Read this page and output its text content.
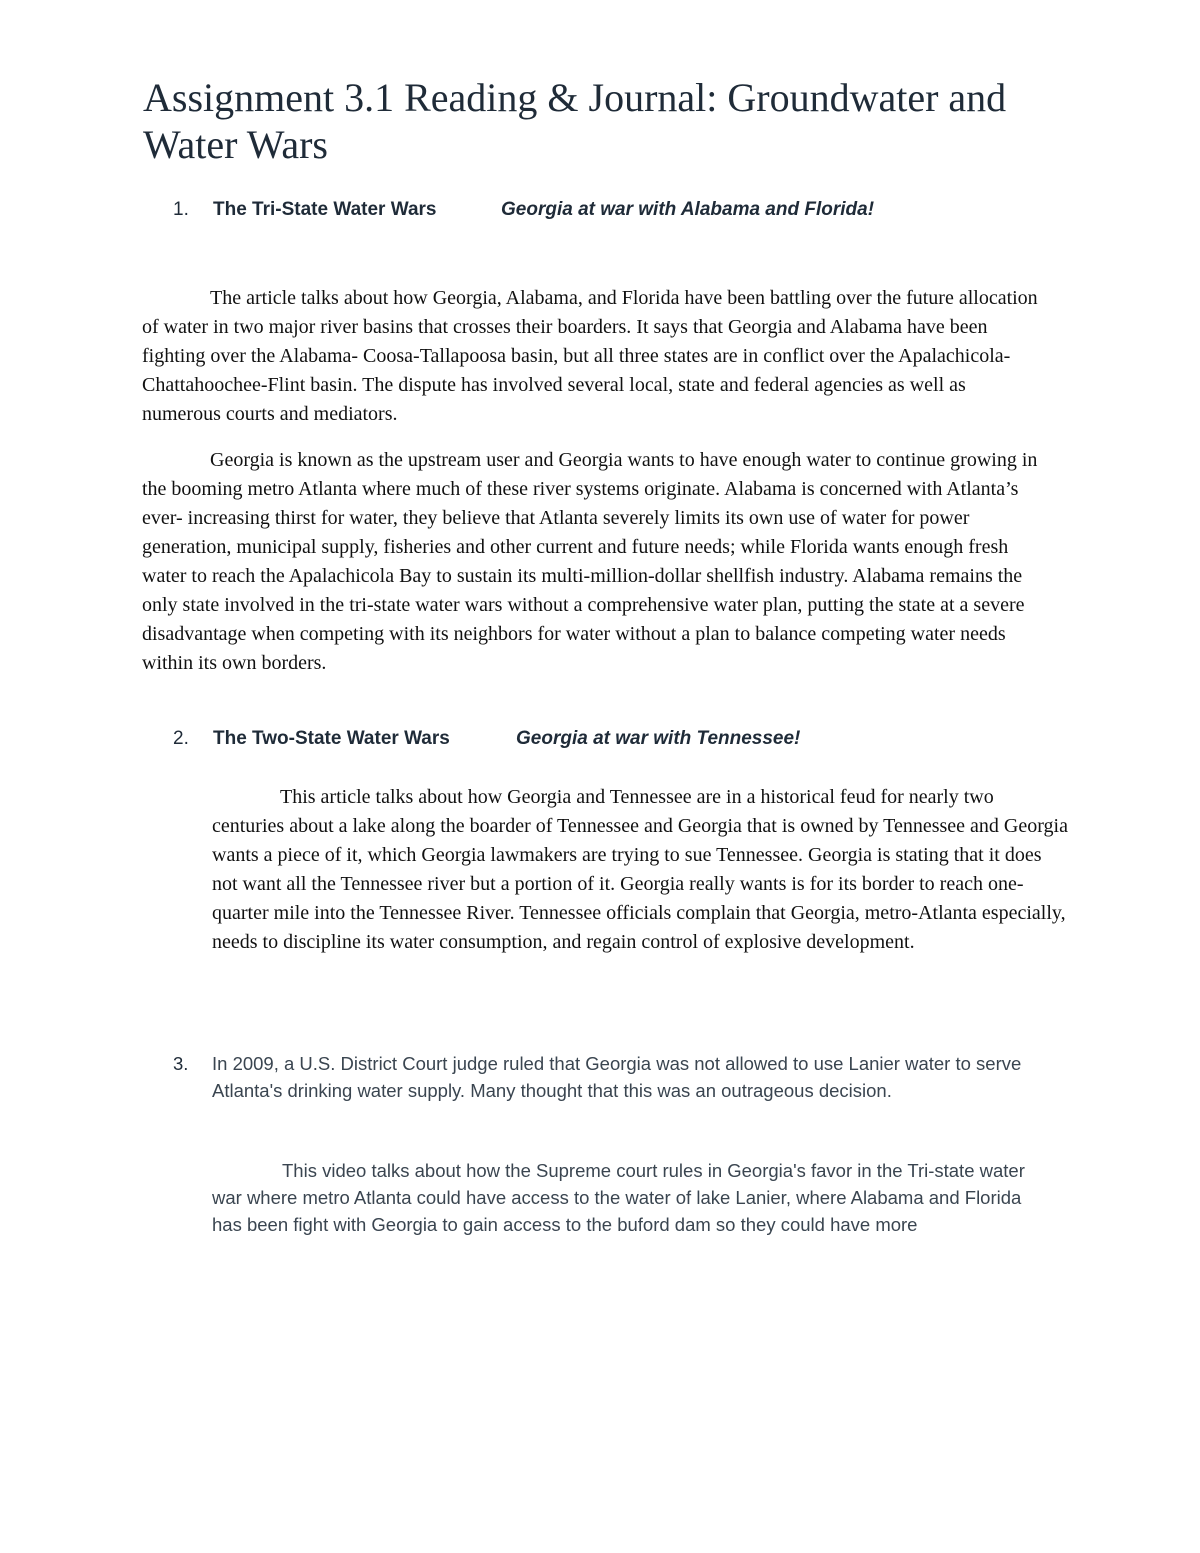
Assignment 3.1 Reading & Journal: Groundwater and Water Wars
1. The Tri-State Water Wars	Georgia at war with Alabama and Florida!

The article talks about how Georgia, Alabama, and Florida have been battling over the future allocation of water in two major river basins that crosses their boarders. It says that Georgia and Alabama have been fighting over the Alabama- Coosa-Tallapoosa basin, but all three states are in conflict over the Apalachicola-Chattahoochee-Flint basin. The dispute has involved several local, state and federal agencies as well as numerous courts and mediators.

Georgia is known as the upstream user and Georgia wants to have enough water to continue growing in the booming metro Atlanta where much of these river systems originate. Alabama is concerned with Atlanta’s ever- increasing thirst for water, they believe that Atlanta severely limits its own use of water for power generation, municipal supply, fisheries and other current and future needs; while Florida wants enough fresh water to reach the Apalachicola Bay to sustain its multi-million-dollar shellfish industry. Alabama remains the only state involved in the tri-state water wars without a comprehensive water plan, putting the state at a severe disadvantage when competing with its neighbors for water without a plan to balance competing water needs within its own borders.

2. The Two-State Water Wars	Georgia at war with Tennessee!

This article talks about how Georgia and Tennessee are in a historical feud for nearly two centuries about a lake along the boarder of Tennessee and Georgia that is owned by Tennessee and Georgia wants a piece of it, which Georgia lawmakers are trying to sue Tennessee. Georgia is stating that it does not want all the Tennessee river but a portion of it. Georgia really wants is for its border to reach one-quarter mile into the Tennessee River. Tennessee officials complain that Georgia, metro-Atlanta especially, needs to discipline its water consumption, and regain control of explosive development.

3. In 2009, a U.S. District Court judge ruled that Georgia was not allowed to use Lanier water to serve Atlanta's drinking water supply. Many thought that this was an outrageous decision.

This video talks about how the Supreme court rules in Georgia's favor in the Tri-state water war where metro Atlanta could have access to the water of lake Lanier, where Alabama and Florida has been fight with Georgia to gain access to the buford dam so they could have more
